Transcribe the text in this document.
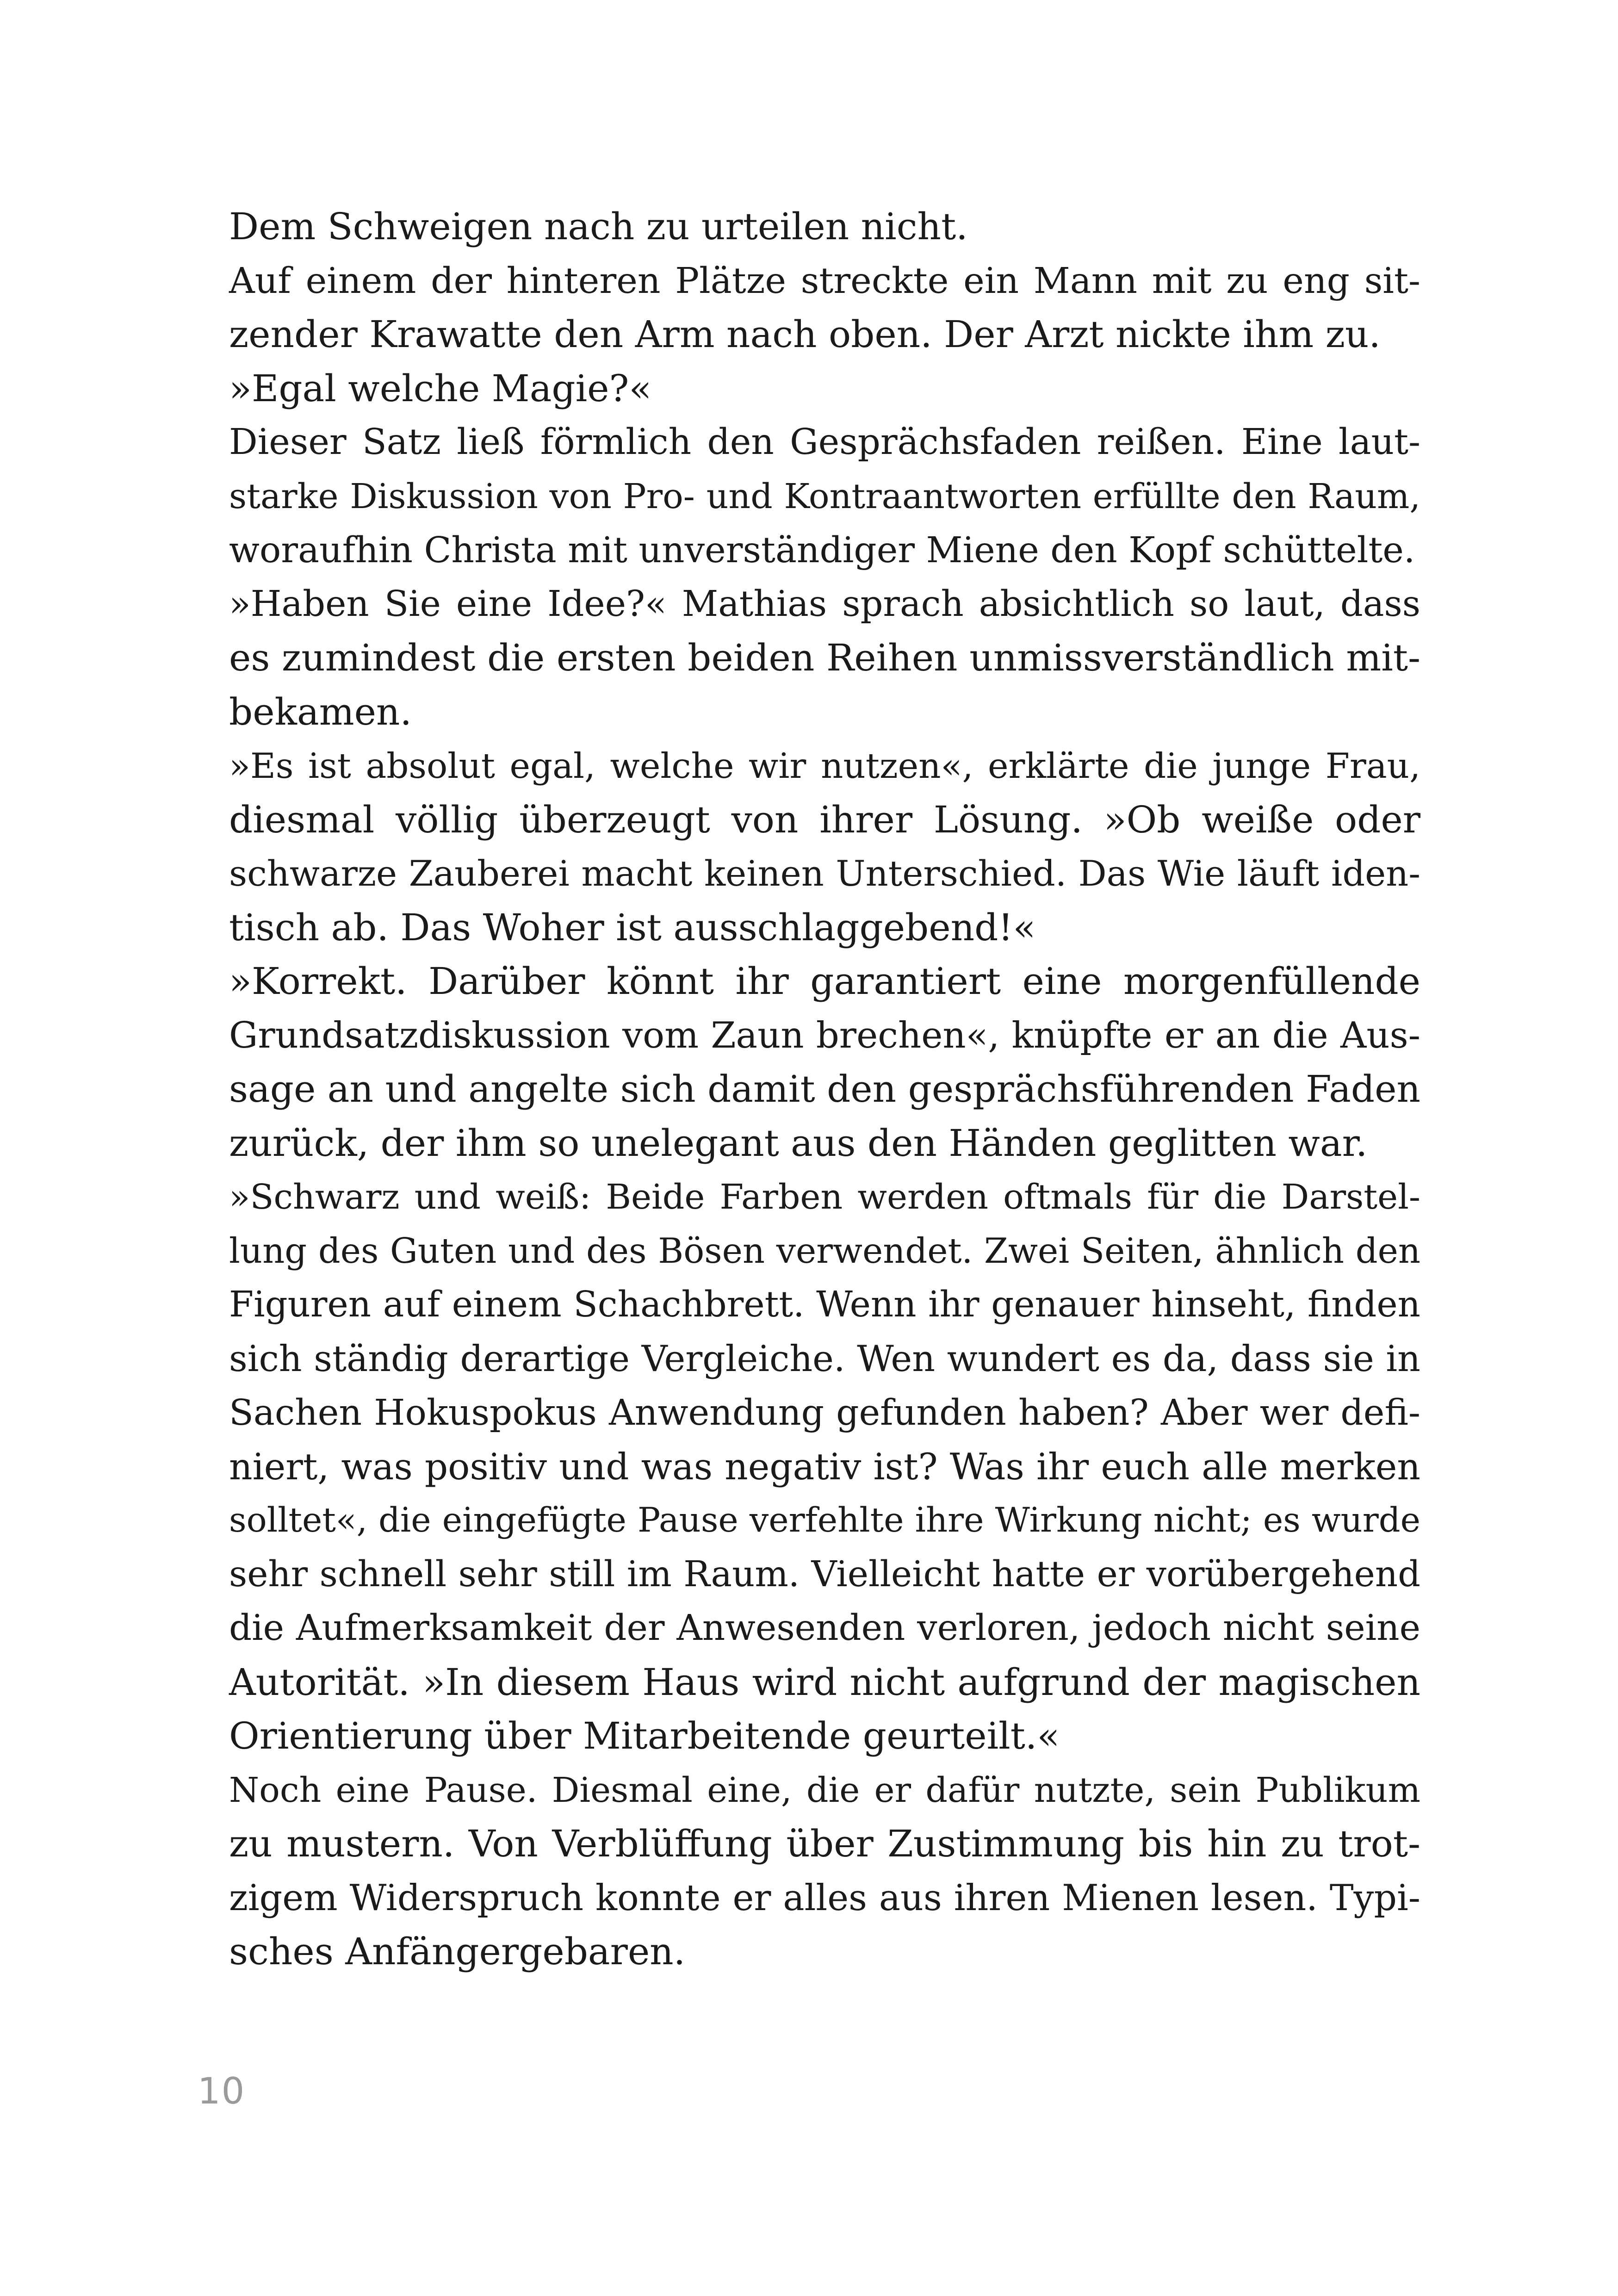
Dem Schweigen nach zu urteilen nicht.

Auf einem der hinteren Plätze streckte ein Mann mit zu eng sit-
zender Krawatte den Arm nach oben. Der Arzt nickte ihm zu.

»Egal welche Magie?«

Dieser Satz ließ förmlich den Gesprächsfaden reißen. Eine laut-
starke Diskussion von Pro- und Kontraantworten erfüllte den Raum,
woraufhin Christa mit unverständiger Miene den Kopf schüttelte.

»Haben Sie eine Idee?« Mathias sprach absichtlich so laut, dass
es zumindest die ersten beiden Reihen unmissverständlich mit-
bekamen.

»Es ist absolut egal, welche wir nutzen«, erklärte die junge Frau,
diesmal völlig überzeugt von ihrer Lösung. »Ob weiße oder
schwarze Zauberei macht keinen Unterschied. Das Wie läuft iden-
tisch ab. Das Woher ist ausschlaggebend!«

»Korrekt. Darüber könnt ihr garantiert eine morgenfüllende
Grundsatzdiskussion vom Zaun brechen«, knüpfte er an die Aus-
sage an und angelte sich damit den gesprächsführenden Faden
zurück, der ihm so unelegant aus den Händen geglitten war.

»Schwarz und weiß: Beide Farben werden oftmals für die Darstel-
lung des Guten und des Bösen verwendet. Zwei Seiten, ähnlich den
Figuren auf einem Schachbrett. Wenn ihr genauer hinseht, finden
sich ständig derartige Vergleiche. Wen wundert es da, dass sie in
Sachen Hokuspokus Anwendung gefunden haben? Aber wer defi-
niert, was positiv und was negativ ist? Was ihr euch alle merken
solltet«, die eingefügte Pause verfehlte ihre Wirkung nicht; es wurde
sehr schnell sehr still im Raum. Vielleicht hatte er vorübergehend
die Aufmerksamkeit der Anwesenden verloren, jedoch nicht seine
Autorität. »In diesem Haus wird nicht aufgrund der magischen
Orientierung über Mitarbeitende geurteilt.«

Noch eine Pause. Diesmal eine, die er dafür nutzte, sein Publikum
zu mustern. Von Verblüffung über Zustimmung bis hin zu trot-
zigem Widerspruch konnte er alles aus ihren Mienen lesen. Typi-
sches Anfängergebaren.

10
